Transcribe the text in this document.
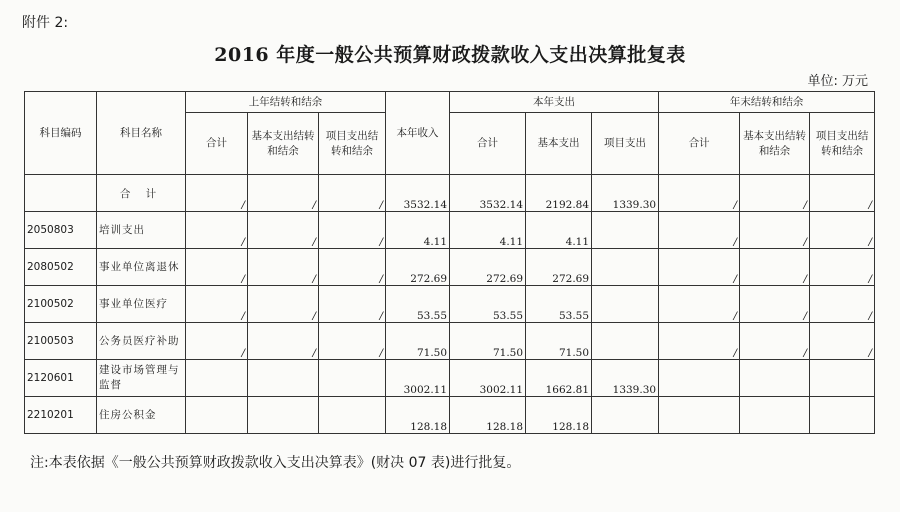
附件 2:
2016 年度一般公共预算财政拨款收入支出决算批复表
单位: 万元
科目编码	科目名称	上年结转和结余			本年收入	本年支出			年末结转和结余		
		合计	基本支出结转和结余	项目支出结转和结余		合计	基本支出	项目支出	合计	基本支出结转和结余	项目支出结转和结余
	合 计	/	/	/	3532.14	3532.14	2192.84	1339.30	/	/	/
2050803	培训支出	/	/	/	4.11	4.11	4.11		/	/	/
2080502	事业单位离退休	/	/	/	272.69	272.69	272.69		/	/	/
2100502	事业单位医疗	/	/	/	53.55	53.55	53.55		/	/	/
2100503	公务员医疗补助	/	/	/	71.50	71.50	71.50		/	/	/
2120601	建设市场管理与监督				3002.11	3002.11	1662.81	1339.30			
2210201	住房公积金				128.18	128.18	128.18				
注:本表依据《一般公共预算财政拨款收入支出决算表》(财决 07 表)进行批复。
